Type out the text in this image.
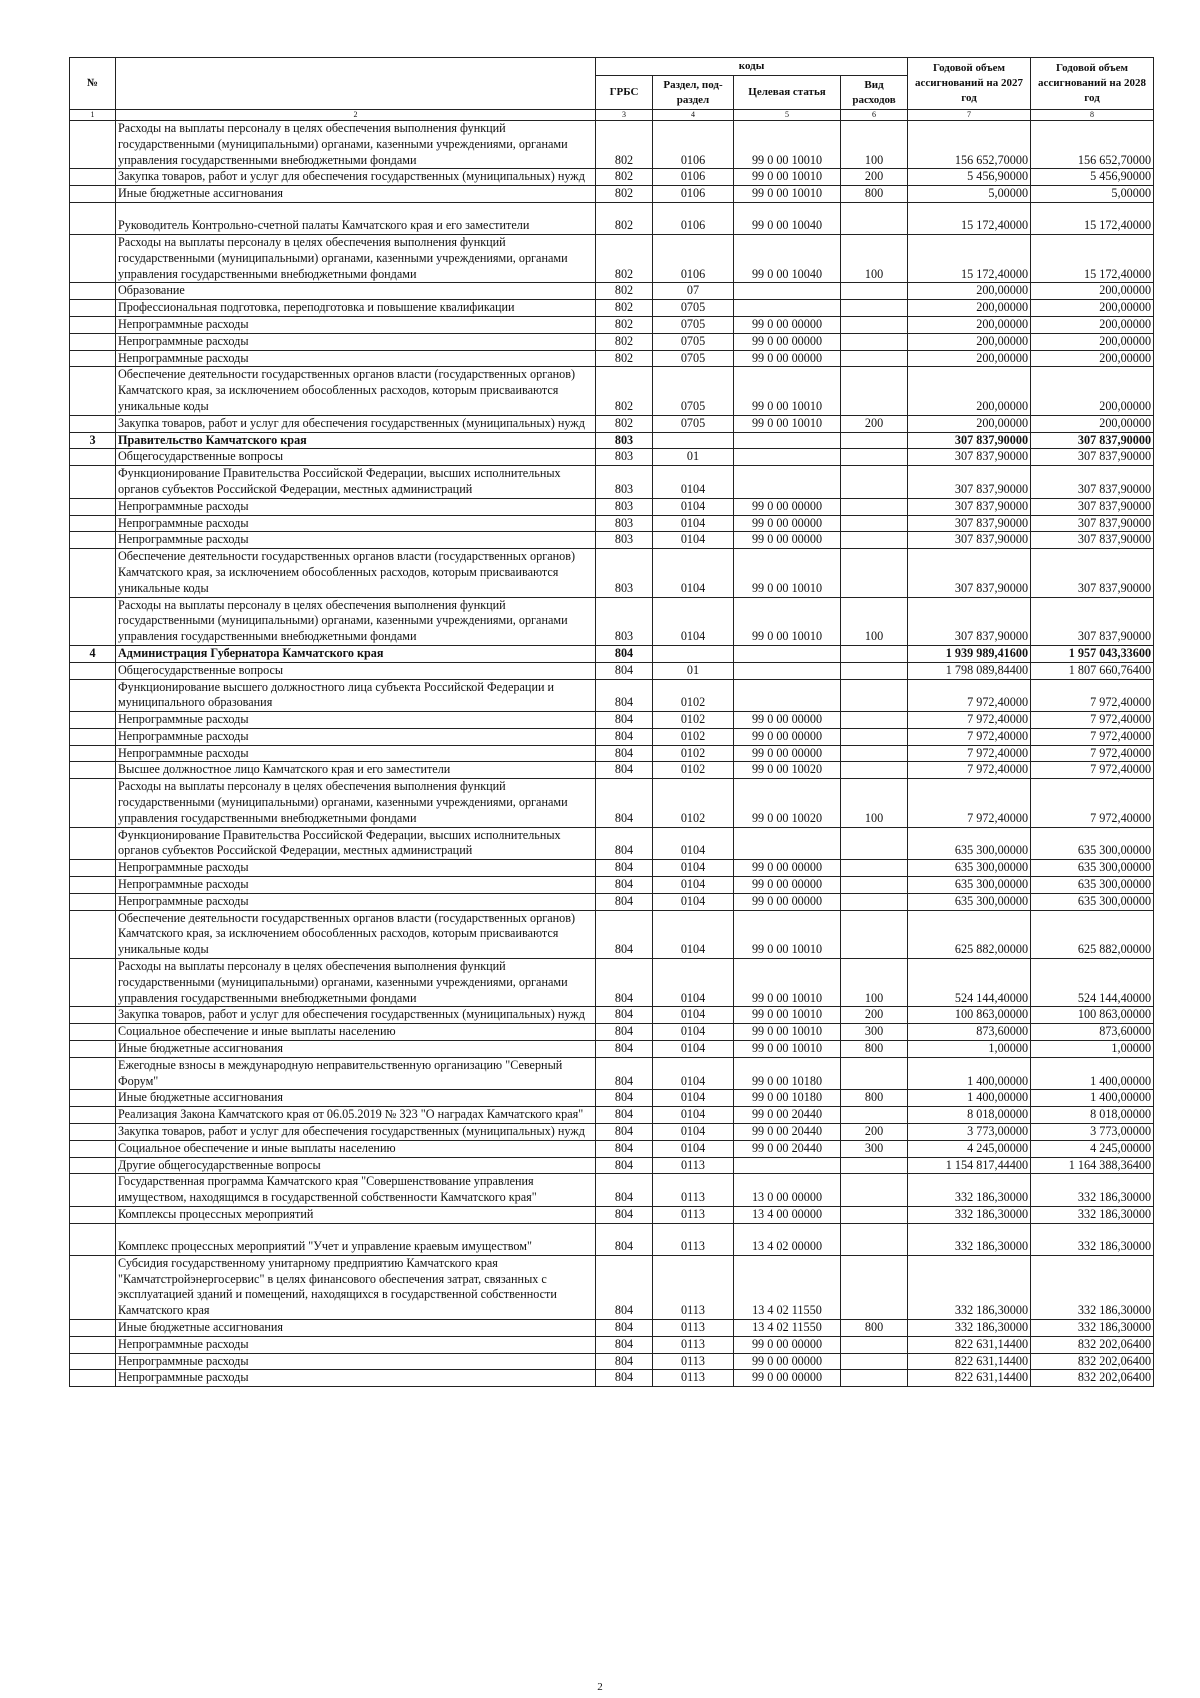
№		коды				Годовой объем ассигнований на 2027 год	Годовой объем ассигнований на 2028 год
		ГРБС	Раздел, под-раздел	Целевая статья	Вид расходов		
1	2	3	4	5	6	7	8
	Расходы на выплаты персоналу в целях обеспечения выполнения функций государственными (муниципальными) органами, казенными учреждениями, органами управления государственными внебюджетными фондами	802	0106	99 0 00 10010	100	156 652,70000	156 652,70000
	Закупка товаров, работ и услуг для обеспечения государственных (муниципальных) нужд	802	0106	99 0 00 10010	200	5 456,90000	5 456,90000
	Иные бюджетные ассигнования	802	0106	99 0 00 10010	800	5,00000	5,00000
	Руководитель Контрольно-счетной палаты Камчатского края и его заместители	802	0106	99 0 00 10040		15 172,40000	15 172,40000
	Расходы на выплаты персоналу в целях обеспечения выполнения функций государственными (муниципальными) органами, казенными учреждениями, органами управления государственными внебюджетными фондами	802	0106	99 0 00 10040	100	15 172,40000	15 172,40000
	Образование	802	07			200,00000	200,00000
	Профессиональная подготовка, переподготовка и повышение квалификации	802	0705			200,00000	200,00000
	Непрограммные расходы	802	0705	99 0 00 00000		200,00000	200,00000
	Непрограммные расходы	802	0705	99 0 00 00000		200,00000	200,00000
	Непрограммные расходы	802	0705	99 0 00 00000		200,00000	200,00000
	Обеспечение деятельности государственных органов власти (государственных органов) Камчатского края, за исключением обособленных расходов, которым присваиваются уникальные коды	802	0705	99 0 00 10010		200,00000	200,00000
	Закупка товаров, работ и услуг для обеспечения государственных (муниципальных) нужд	802	0705	99 0 00 10010	200	200,00000	200,00000
3	Правительство Камчатского края	803				307 837,90000	307 837,90000
	Общегосударственные вопросы	803	01			307 837,90000	307 837,90000
	Функционирование Правительства Российской Федерации, высших исполнительных органов субъектов Российской Федерации, местных администраций	803	0104			307 837,90000	307 837,90000
	Непрограммные расходы	803	0104	99 0 00 00000		307 837,90000	307 837,90000
	Непрограммные расходы	803	0104	99 0 00 00000		307 837,90000	307 837,90000
	Непрограммные расходы	803	0104	99 0 00 00000		307 837,90000	307 837,90000
	Обеспечение деятельности государственных органов власти (государственных органов) Камчатского края, за исключением обособленных расходов, которым присваиваются уникальные коды	803	0104	99 0 00 10010		307 837,90000	307 837,90000
	Расходы на выплаты персоналу в целях обеспечения выполнения функций государственными (муниципальными) органами, казенными учреждениями, органами управления государственными внебюджетными фондами	803	0104	99 0 00 10010	100	307 837,90000	307 837,90000
4	Администрация Губернатора Камчатского края	804				1 939 989,41600	1 957 043,33600
	Общегосударственные вопросы	804	01			1 798 089,84400	1 807 660,76400
	Функционирование высшего должностного лица субъекта Российской Федерации и муниципального образования	804	0102			7 972,40000	7 972,40000
	Непрограммные расходы	804	0102	99 0 00 00000		7 972,40000	7 972,40000
	Непрограммные расходы	804	0102	99 0 00 00000		7 972,40000	7 972,40000
	Непрограммные расходы	804	0102	99 0 00 00000		7 972,40000	7 972,40000
	Высшее должностное лицо Камчатского края и его заместители	804	0102	99 0 00 10020		7 972,40000	7 972,40000
	Расходы на выплаты персоналу в целях обеспечения выполнения функций государственными (муниципальными) органами, казенными учреждениями, органами управления государственными внебюджетными фондами	804	0102	99 0 00 10020	100	7 972,40000	7 972,40000
	Функционирование Правительства Российской Федерации, высших исполнительных органов субъектов Российской Федерации, местных администраций	804	0104			635 300,00000	635 300,00000
	Непрограммные расходы	804	0104	99 0 00 00000		635 300,00000	635 300,00000
	Непрограммные расходы	804	0104	99 0 00 00000		635 300,00000	635 300,00000
	Непрограммные расходы	804	0104	99 0 00 00000		635 300,00000	635 300,00000
	Обеспечение деятельности государственных органов власти (государственных органов) Камчатского края, за исключением обособленных расходов, которым присваиваются уникальные коды	804	0104	99 0 00 10010		625 882,00000	625 882,00000
	Расходы на выплаты персоналу в целях обеспечения выполнения функций государственными (муниципальными) органами, казенными учреждениями, органами управления государственными внебюджетными фондами	804	0104	99 0 00 10010	100	524 144,40000	524 144,40000
	Закупка товаров, работ и услуг для обеспечения государственных (муниципальных) нужд	804	0104	99 0 00 10010	200	100 863,00000	100 863,00000
	Социальное обеспечение и иные выплаты населению	804	0104	99 0 00 10010	300	873,60000	873,60000
	Иные бюджетные ассигнования	804	0104	99 0 00 10010	800	1,00000	1,00000
	Ежегодные взносы в международную неправительственную организацию "Северный Форум"	804	0104	99 0 00 10180		1 400,00000	1 400,00000
	Иные бюджетные ассигнования	804	0104	99 0 00 10180	800	1 400,00000	1 400,00000
	Реализация Закона Камчатского края от 06.05.2019 № 323 "О наградах Камчатского края"	804	0104	99 0 00 20440		8 018,00000	8 018,00000
	Закупка товаров, работ и услуг для обеспечения государственных (муниципальных) нужд	804	0104	99 0 00 20440	200	3 773,00000	3 773,00000
	Социальное обеспечение и иные выплаты населению	804	0104	99 0 00 20440	300	4 245,00000	4 245,00000
	Другие общегосударственные вопросы	804	0113			1 154 817,44400	1 164 388,36400
	Государственная программа Камчатского края "Совершенствование управления имуществом, находящимся в государственной собственности Камчатского края"	804	0113	13 0 00 00000		332 186,30000	332 186,30000
	Комплексы процессных мероприятий	804	0113	13 4 00 00000		332 186,30000	332 186,30000
	Комплекс процессных мероприятий "Учет и управление краевым имуществом"	804	0113	13 4 02 00000		332 186,30000	332 186,30000
	Субсидия государственному унитарному предприятию Камчатского края "Камчатстройэнергосервис" в целях финансового обеспечения затрат, связанных с эксплуатацией зданий и помещений, находящихся в государственной собственности Камчатского края	804	0113	13 4 02 11550		332 186,30000	332 186,30000
	Иные бюджетные ассигнования	804	0113	13 4 02 11550	800	332 186,30000	332 186,30000
	Непрограммные расходы	804	0113	99 0 00 00000		822 631,14400	832 202,06400
	Непрограммные расходы	804	0113	99 0 00 00000		822 631,14400	832 202,06400
	Непрограммные расходы	804	0113	99 0 00 00000		822 631,14400	832 202,06400
2
